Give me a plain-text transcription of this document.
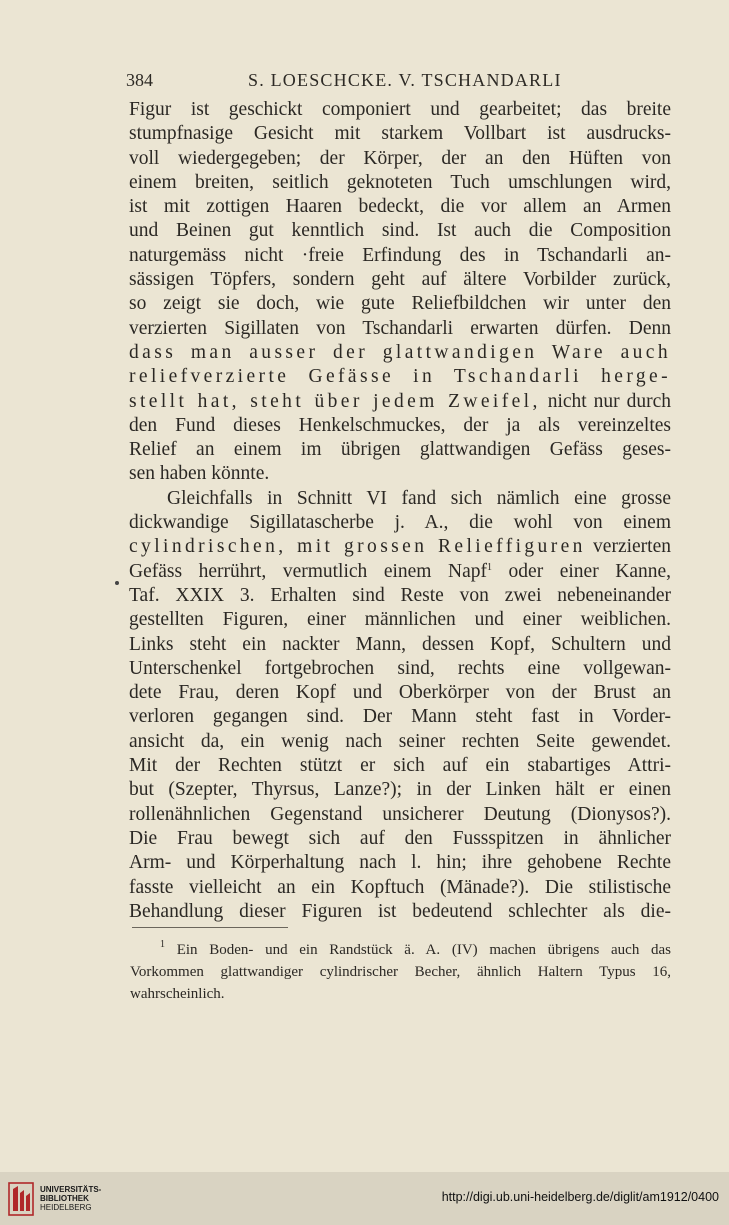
384	S. LOESCHCKE. V. TSCHANDARLI
Figur ist geschickt componiert und gearbeitet; das breite
stumpfnasige Gesicht mit starkem Vollbart ist ausdrucks-
voll wiedergegeben; der Körper, der an den Hüften von
einem breiten, seitlich geknoteten Tuch umschlungen wird,
ist mit zottigen Haaren bedeckt, die vor allem an Armen
und Beinen gut kenntlich sind. Ist auch die Composition
naturgemäss nicht ·freie Erfindung des in Tschandarli an-
sässigen Töpfers, sondern geht auf ältere Vorbilder zurück,
so zeigt sie doch, wie gute Reliefbildchen wir unter den
verzierten Sigillaten von Tschandarli erwarten dürfen. Denn
dass man ausser der glattwandigen Ware auch
reliefverzierte Gefässe in Tschandarli herge-
stellt hat, steht über jedem Zweifel, nicht nur durch
den Fund dieses Henkelschmuckes, der ja als vereinzeltes
Relief an einem im übrigen glattwandigen Gefäss geses-
sen haben könnte.
Gleichfalls in Schnitt VI fand sich nämlich eine grosse
dickwandige Sigillatascherbe j. A., die wohl von einem
cylindrischen, mit grossen Relieffiguren verzierten
Gefäss herrührt, vermutlich einem Napf$^1$ oder einer Kanne,
Taf. XXIX 3. Erhalten sind Reste von zwei nebeneinander
gestellten Figuren, einer männlichen und einer weiblichen.
Links steht ein nackter Mann, dessen Kopf, Schultern und
Unterschenkel fortgebrochen sind, rechts eine vollgewan-
dete Frau, deren Kopf und Oberkörper von der Brust an
verloren gegangen sind. Der Mann steht fast in Vorder-
ansicht da, ein wenig nach seiner rechten Seite gewendet.
Mit der Rechten stützt er sich auf ein stabartiges Attri-
but (Szepter, Thyrsus, Lanze?); in der Linken hält er einen
rollenähnlichen Gegenstand unsicherer Deutung (Dionysos?).
Die Frau bewegt sich auf den Fussspitzen in ähnlicher
Arm- und Körperhaltung nach l. hin; ihre gehobene Rechte
fasste vielleicht an ein Kopftuch (Mänade?). Die stilistische
Behandlung dieser Figuren ist bedeutend schlechter als die-
$^1$ Ein Boden- und ein Randstück ä. A. (IV) machen übrigens auch das
Vorkommen glattwandiger cylindrischer Becher, ähnlich Haltern Typus 16,
wahrscheinlich.
UNIVERSITÄTS-
BIBLIOTHEK
HEIDELBERG
http://digi.ub.uni-heidelberg.de/diglit/am1912/0400
